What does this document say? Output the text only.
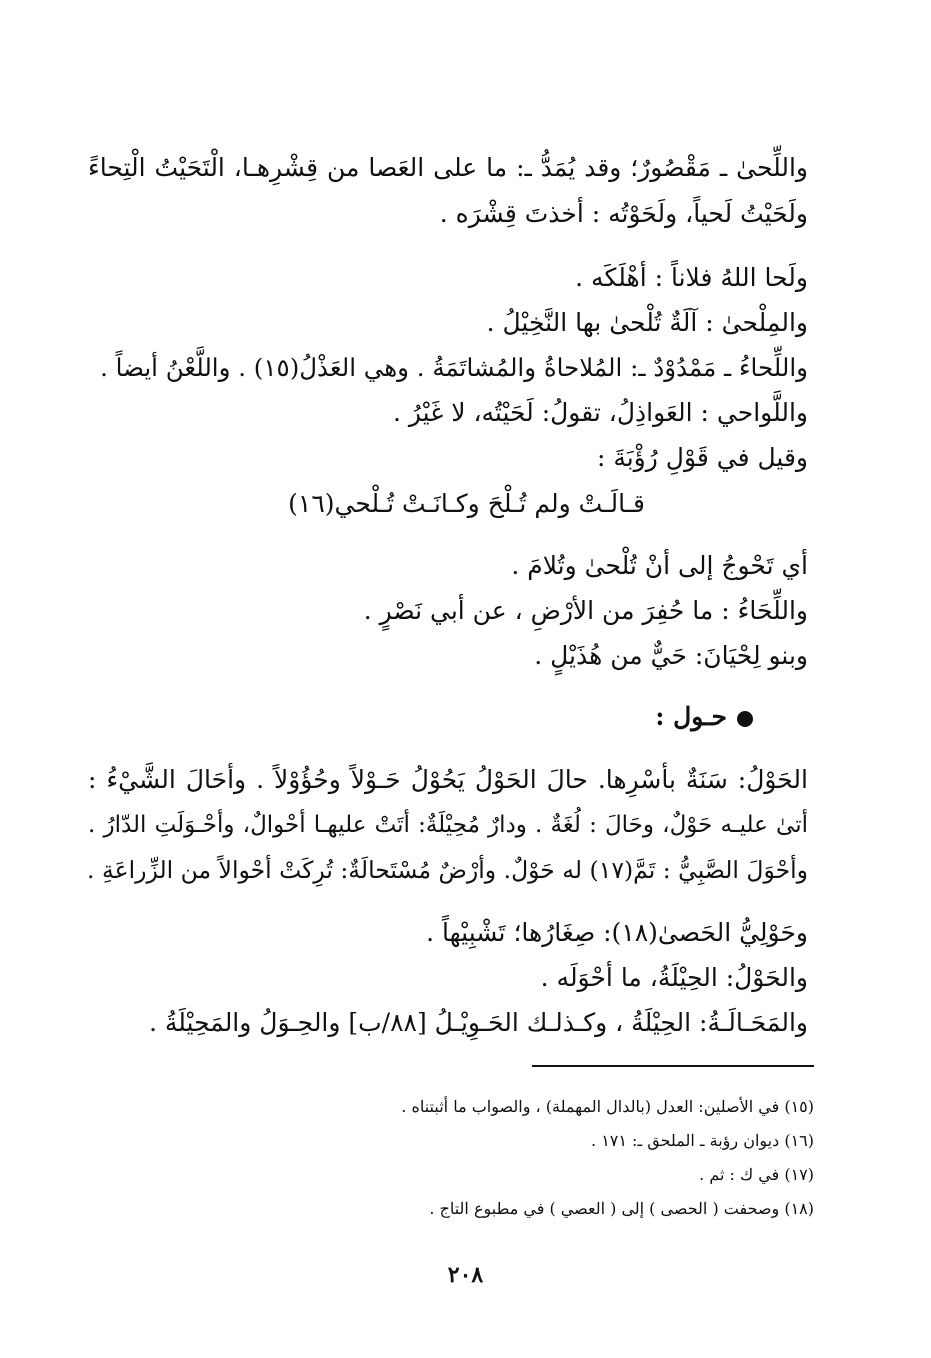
واللِّحىٰ ـ مَقْصُورٌ؛ وقد يُمَدُّ ـ: ما على العَصا من قِشْرِهـا، الْتَحَيْتُ الْتِحاءً
ولَحَيْتُ لَحياً، ولَحَوْتُه : أخذتَ قِشْرَه .
ولَحا اللهُ فلاناً : أهْلَكَه .
والمِلْحىٰ : آلَةٌ تُلْحىٰ بها النَّخِيْلُ .
واللِّحاءُ ـ مَمْدُوْدٌ ـ: المُلاحاةُ والمُشاتَمَةُ . وهي العَذْلُ(١٥) . واللَّعْنُ أيضاً .
واللَّواحي : العَواذِلُ، تقولُ: لَحَيْتُه، لا غَيْرُ .
وقيل في قَوْلِ رُؤْبَةَ :
قـالَـتْ ولم تُـلْحَ وكـانَـتْ تُـلْحي(١٦)
أي تَحْوجُ إلى أنْ تُلْحىٰ وتُلامَ .
واللِّحَاءُ : ما حُفِرَ من الأرْضِ ، عن أبي نَصْرٍ .
وبنو لِحْيَانَ: حَيٌّ من هُذَيْلٍ .
حـول :
الحَوْلُ: سَنَةٌ بأسْرِها. حالَ الحَوْلُ يَحُوْلُ حَـوْلاً وحُؤُوْلاً . وأحَالَ الشَّيْءُ :
أتىٰ عليـه حَوْلٌ، وحَالَ : لُغَةٌ . ودارٌ مُحِيْلَةٌ: أتَتْ عليهـا أحْوالٌ، وأحْـوَلَتِ الدّارُ .
وأحْوَلَ الصَّبِيُّ : تَمَّ(١٧) له حَوْلٌ. وأرْضٌ مُسْتَحالَةٌ: تُرِكَتْ أحْوالاً من الزِّراعَةِ .
وحَوْلِيُّ الحَصىٰ(١٨): صِغَارُها؛ تَشْبِيْهاً .
والحَوْلُ: الحِيْلَةُ، ما أحْوَلَه .
والمَحَـالَـةُ: الحِيْلَةُ ، وكـذلـك الحَـوِيْـلُ [٨٨/ب] والحِـوَلُ والمَحِيْلَةُ .
(١٥) في الأصلين: العدل (بالدال المهملة) ، والصواب ما أثبتناه .
(١٦) ديوان رؤبة ـ الملحق ـ: ١٧١ .
(١٧) في ك : ثم .
(١٨) وصحفت ( الحصى ) إلى ( العصي ) في مطبوع التاج .
٢٠٨
